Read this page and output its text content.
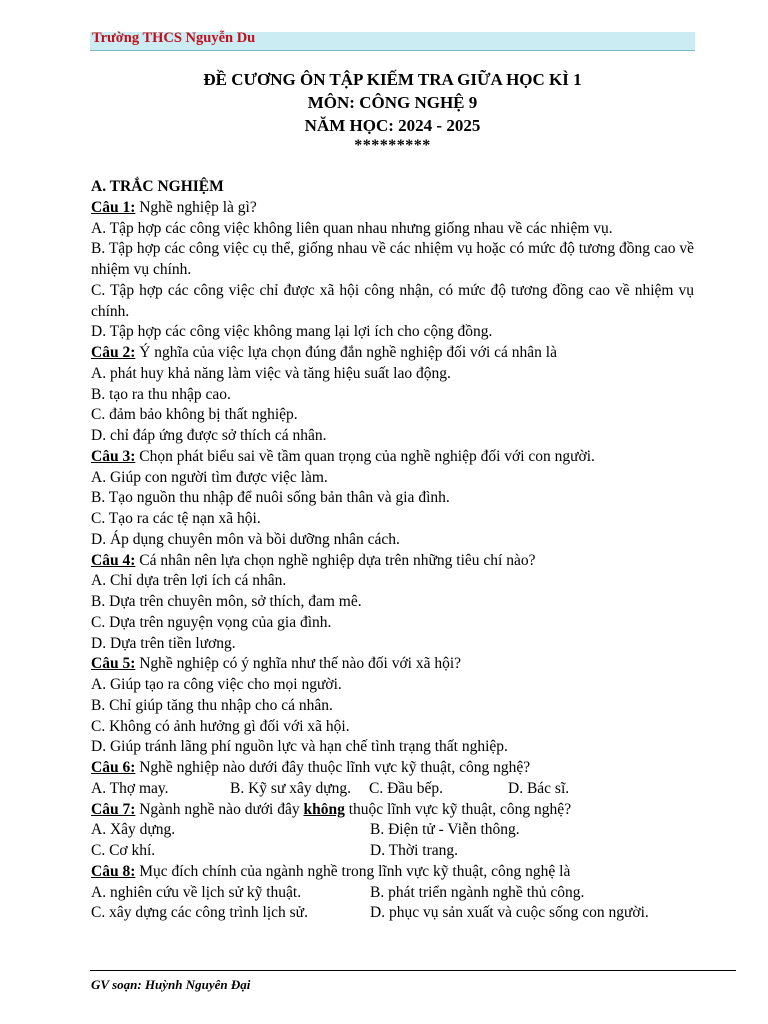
Trường THCS Nguyễn Du
ĐỀ CƯƠNG ÔN TẬP KIẾM TRA GIỮA HỌC KÌ 1
MÔN: CÔNG NGHỆ 9
NĂM HỌC: 2024 - 2025
*********
A. TRẮC NGHIỆM
Câu 1: Nghề nghiệp là gì?
A. Tập hợp các công việc không liên quan nhau nhưng giống nhau về các nhiệm vụ.
B. Tập hợp các công việc cụ thể, giống nhau về các nhiệm vụ hoặc có mức độ tương đồng cao về nhiệm vụ chính.
C. Tập hợp các công việc chỉ được xã hội công nhận, có mức độ tương đồng cao về nhiệm vụ chính.
D. Tập hợp các công việc không mang lại lợi ích cho cộng đồng.
Câu 2: Ý nghĩa của việc lựa chọn đúng đắn nghề nghiệp đối với cá nhân là
A. phát huy khả năng làm việc và tăng hiệu suất lao động.
B. tạo ra thu nhập cao.
C. đảm bảo không bị thất nghiệp.
D. chỉ đáp ứng được sở thích cá nhân.
Câu 3: Chọn phát biểu sai về tầm quan trọng của nghề nghiệp đối với con người.
A. Giúp con người tìm được việc làm.
B. Tạo nguồn thu nhập để nuôi sống bản thân và gia đình.
C. Tạo ra các tệ nạn xã hội.
D. Áp dụng chuyên môn và bồi dưỡng nhân cách.
Câu 4: Cá nhân nên lựa chọn nghề nghiệp dựa trên những tiêu chí nào?
A. Chỉ dựa trên lợi ích cá nhân.
B. Dựa trên chuyên môn, sở thích, đam mê.
C. Dựa trên nguyện vọng của gia đình.
D. Dựa trên tiền lương.
Câu 5: Nghề nghiệp có ý nghĩa như thế nào đối với xã hội?
A. Giúp tạo ra công việc cho mọi người.
B. Chỉ giúp tăng thu nhập cho cá nhân.
C. Không có ảnh hưởng gì đối với xã hội.
D. Giúp tránh lãng phí nguồn lực và hạn chế tình trạng thất nghiệp.
Câu 6: Nghề nghiệp nào dưới đây thuộc lĩnh vực kỹ thuật, công nghệ?
A. Thợ may.	B. Kỹ sư xây dựng.	C. Đầu bếp.	D. Bác sĩ.
Câu 7: Ngành nghề nào dưới đây không thuộc lĩnh vực kỹ thuật, công nghệ?
A. Xây dựng.	B. Điện tử - Viễn thông.
C. Cơ khí.	D. Thời trang.
Câu 8: Mục đích chính của ngành nghề trong lĩnh vực kỹ thuật, công nghệ là
A. nghiên cứu về lịch sử kỹ thuật.	B. phát triển ngành nghề thủ công.
C. xây dựng các công trình lịch sử.	D. phục vụ sản xuất và cuộc sống con người.
GV soạn: Huỳnh Nguyên Đại
